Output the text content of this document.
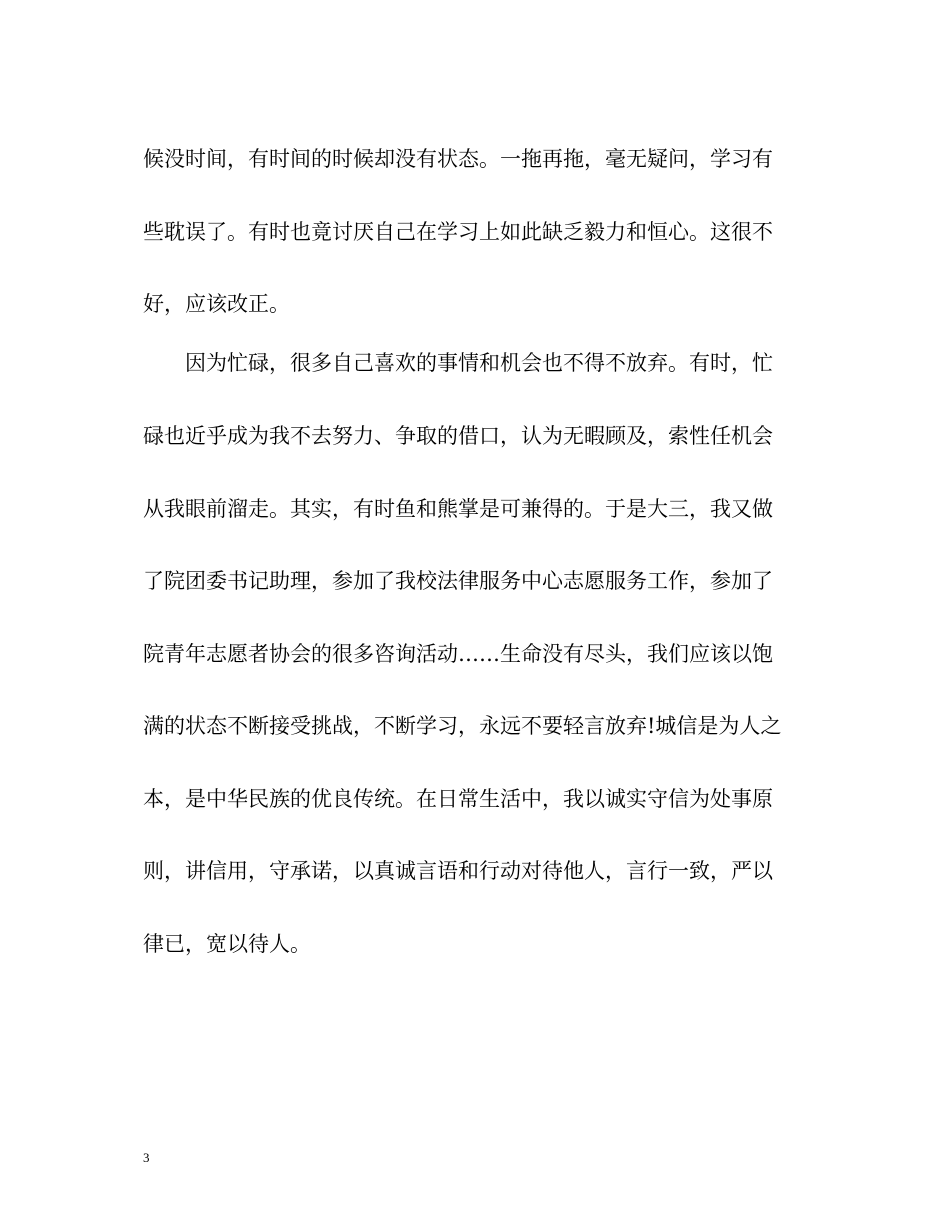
候没时间，有时间的时候却没有状态。一拖再拖，毫无疑问，学习有
些耽误了。有时也竟讨厌自己在学习上如此缺乏毅力和恒心。这很不
好，应该改正。
因为忙碌，很多自己喜欢的事情和机会也不得不放弃。有时，忙
碌也近乎成为我不去努力、争取的借口，认为无暇顾及，索性任机会
从我眼前溜走。其实，有时鱼和熊掌是可兼得的。于是大三，我又做
了院团委书记助理，参加了我校法律服务中心志愿服务工作，参加了
院青年志愿者协会的很多咨询活动……生命没有尽头，我们应该以饱
满的状态不断接受挑战，不断学习，永远不要轻言放弃!城信是为人之
本，是中华民族的优良传统。在日常生活中，我以诚实守信为处事原
则，讲信用，守承诺，以真诚言语和行动对待他人，言行一致，严以
律已，宽以待人。
3
